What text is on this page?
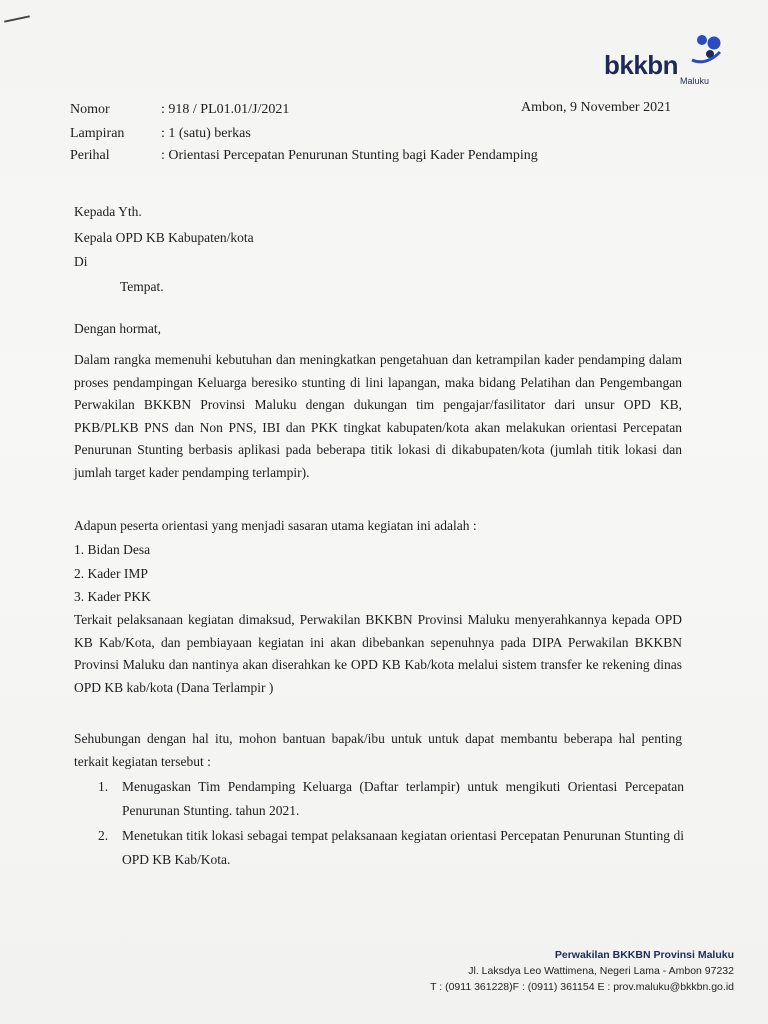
bkkbn
Maluku
Nomor	: 918 / PL01.01/J/2021	Ambon, 9 November 2021
Lampiran	: 1 (satu) berkas
Perihal	: Orientasi Percepatan Penurunan Stunting bagi Kader Pendamping
Kepada Yth.
Kepala OPD KB Kabupaten/kota
Di
Tempat.
Dengan hormat,
Dalam rangka memenuhi kebutuhan dan meningkatkan pengetahuan dan ketrampilan kader pendamping dalam proses pendampingan Keluarga beresiko stunting di lini lapangan, maka bidang Pelatihan dan Pengembangan Perwakilan BKKBN Provinsi Maluku dengan dukungan tim pengajar/fasilitator dari unsur OPD KB, PKB/PLKB PNS dan Non PNS, IBI dan PKK tingkat kabupaten/kota akan melakukan orientasi Percepatan Penurunan Stunting berbasis aplikasi pada beberapa titik lokasi di dikabupaten/kota (jumlah titik lokasi dan jumlah target kader pendamping terlampir).
Adapun peserta orientasi yang menjadi sasaran utama kegiatan ini adalah :
1. Bidan Desa
2. Kader IMP
3. Kader PKK
Terkait pelaksanaan kegiatan dimaksud, Perwakilan BKKBN Provinsi Maluku menyerahkannya kepada OPD KB Kab/Kota, dan pembiayaan kegiatan ini akan dibebankan sepenuhnya pada DIPA Perwakilan BKKBN Provinsi Maluku dan nantinya akan diserahkan ke OPD KB Kab/kota melalui sistem transfer ke rekening dinas OPD KB kab/kota (Dana Terlampir )
Sehubungan dengan hal itu, mohon bantuan bapak/ibu untuk untuk dapat membantu beberapa hal penting terkait kegiatan tersebut :
1. Menugaskan Tim Pendamping Keluarga (Daftar terlampir) untuk mengikuti Orientasi Percepatan Penurunan Stunting. tahun 2021.
2. Menetukan titik lokasi sebagai tempat pelaksanaan kegiatan orientasi Percepatan Penurunan Stunting di OPD KB Kab/Kota.
Perwakilan BKKBN Provinsi Maluku
Jl. Laksdya Leo Wattimena, Negeri Lama - Ambon 97232
T : (0911 361228)F : (0911) 361154 E : prov.maluku@bkkbn.go.id
